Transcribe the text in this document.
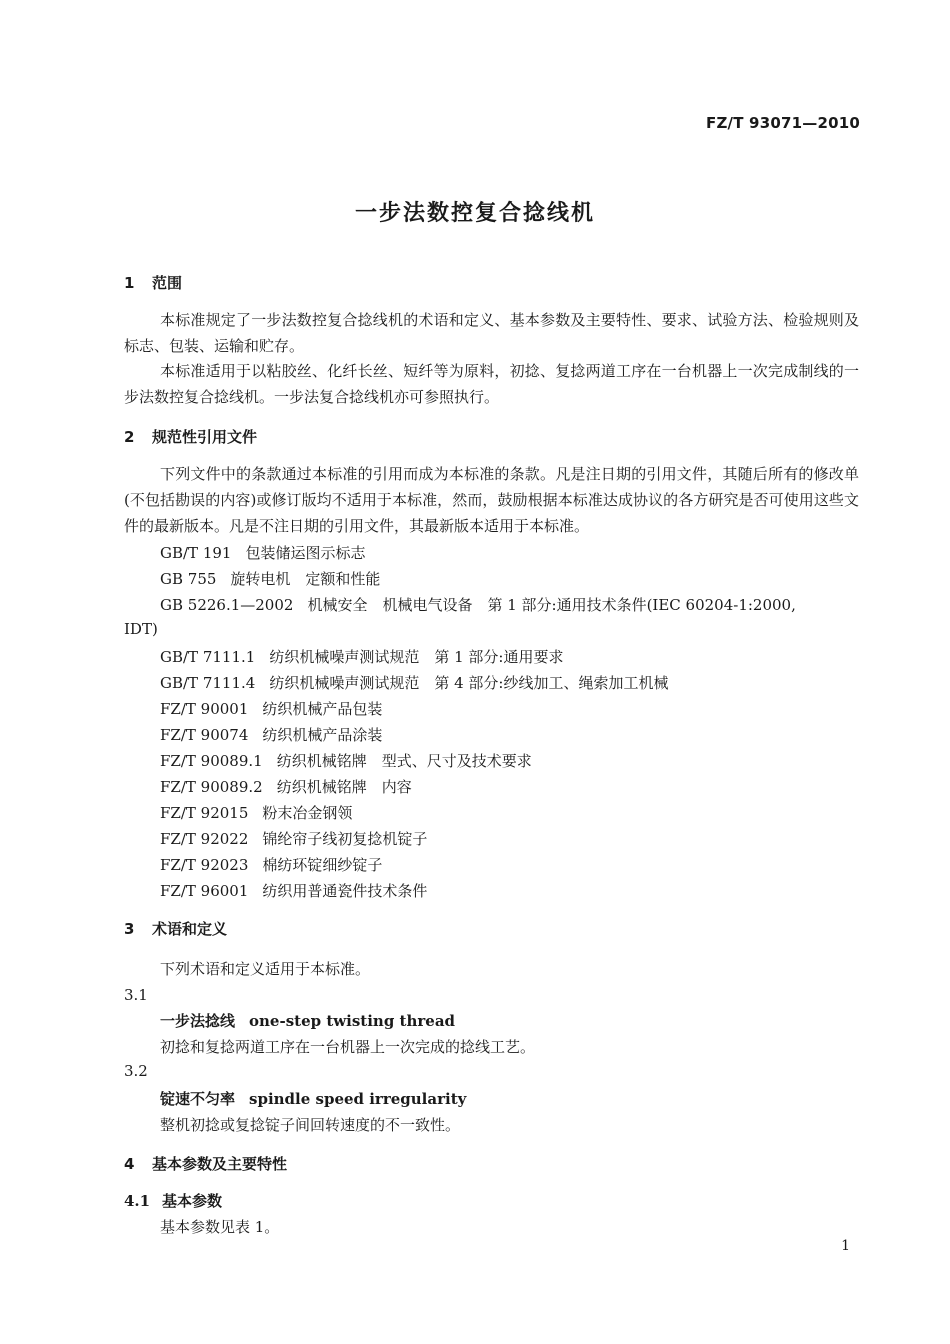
FZ/T 93071—2010
一步法数控复合捻线机
1 范围
本标准规定了一步法数控复合捻线机的术语和定义、基本参数及主要特性、要求、试验方法、检验规则及标志、包装、运输和贮存。
本标准适用于以粘胶丝、化纤长丝、短纤等为原料，初捻、复捻两道工序在一台机器上一次完成制线的一步法数控复合捻线机。一步法复合捻线机亦可参照执行。
2 规范性引用文件
下列文件中的条款通过本标准的引用而成为本标准的条款。凡是注日期的引用文件，其随后所有的修改单(不包括勘误的内容)或修订版均不适用于本标准，然而，鼓励根据本标准达成协议的各方研究是否可使用这些文件的最新版本。凡是不注日期的引用文件，其最新版本适用于本标准。
GB/T 191 包装储运图示标志
GB 755 旋转电机　定额和性能
GB 5226.1—2002 机械安全　机械电气设备　第 1 部分:通用技术条件(IEC 60204-1:2000,
IDT)
GB/T 7111.1 纺织机械噪声测试规范　第 1 部分:通用要求
GB/T 7111.4 纺织机械噪声测试规范　第 4 部分:纱线加工、绳索加工机械
FZ/T 90001 纺织机械产品包装
FZ/T 90074 纺织机械产品涂装
FZ/T 90089.1 纺织机械铭牌　型式、尺寸及技术要求
FZ/T 90089.2 纺织机械铭牌　内容
FZ/T 92015 粉末冶金钢领
FZ/T 92022 锦纶帘子线初复捻机锭子
FZ/T 92023 棉纺环锭细纱锭子
FZ/T 96001 纺织用普通瓷件技术条件
3 术语和定义
下列术语和定义适用于本标准。
3.1
一步法捻线 one-step twisting thread
初捻和复捻两道工序在一台机器上一次完成的捻线工艺。
3.2
锭速不匀率 spindle speed irregularity
整机初捻或复捻锭子间回转速度的不一致性。
4 基本参数及主要特性
4.1 基本参数
基本参数见表 1。
1
